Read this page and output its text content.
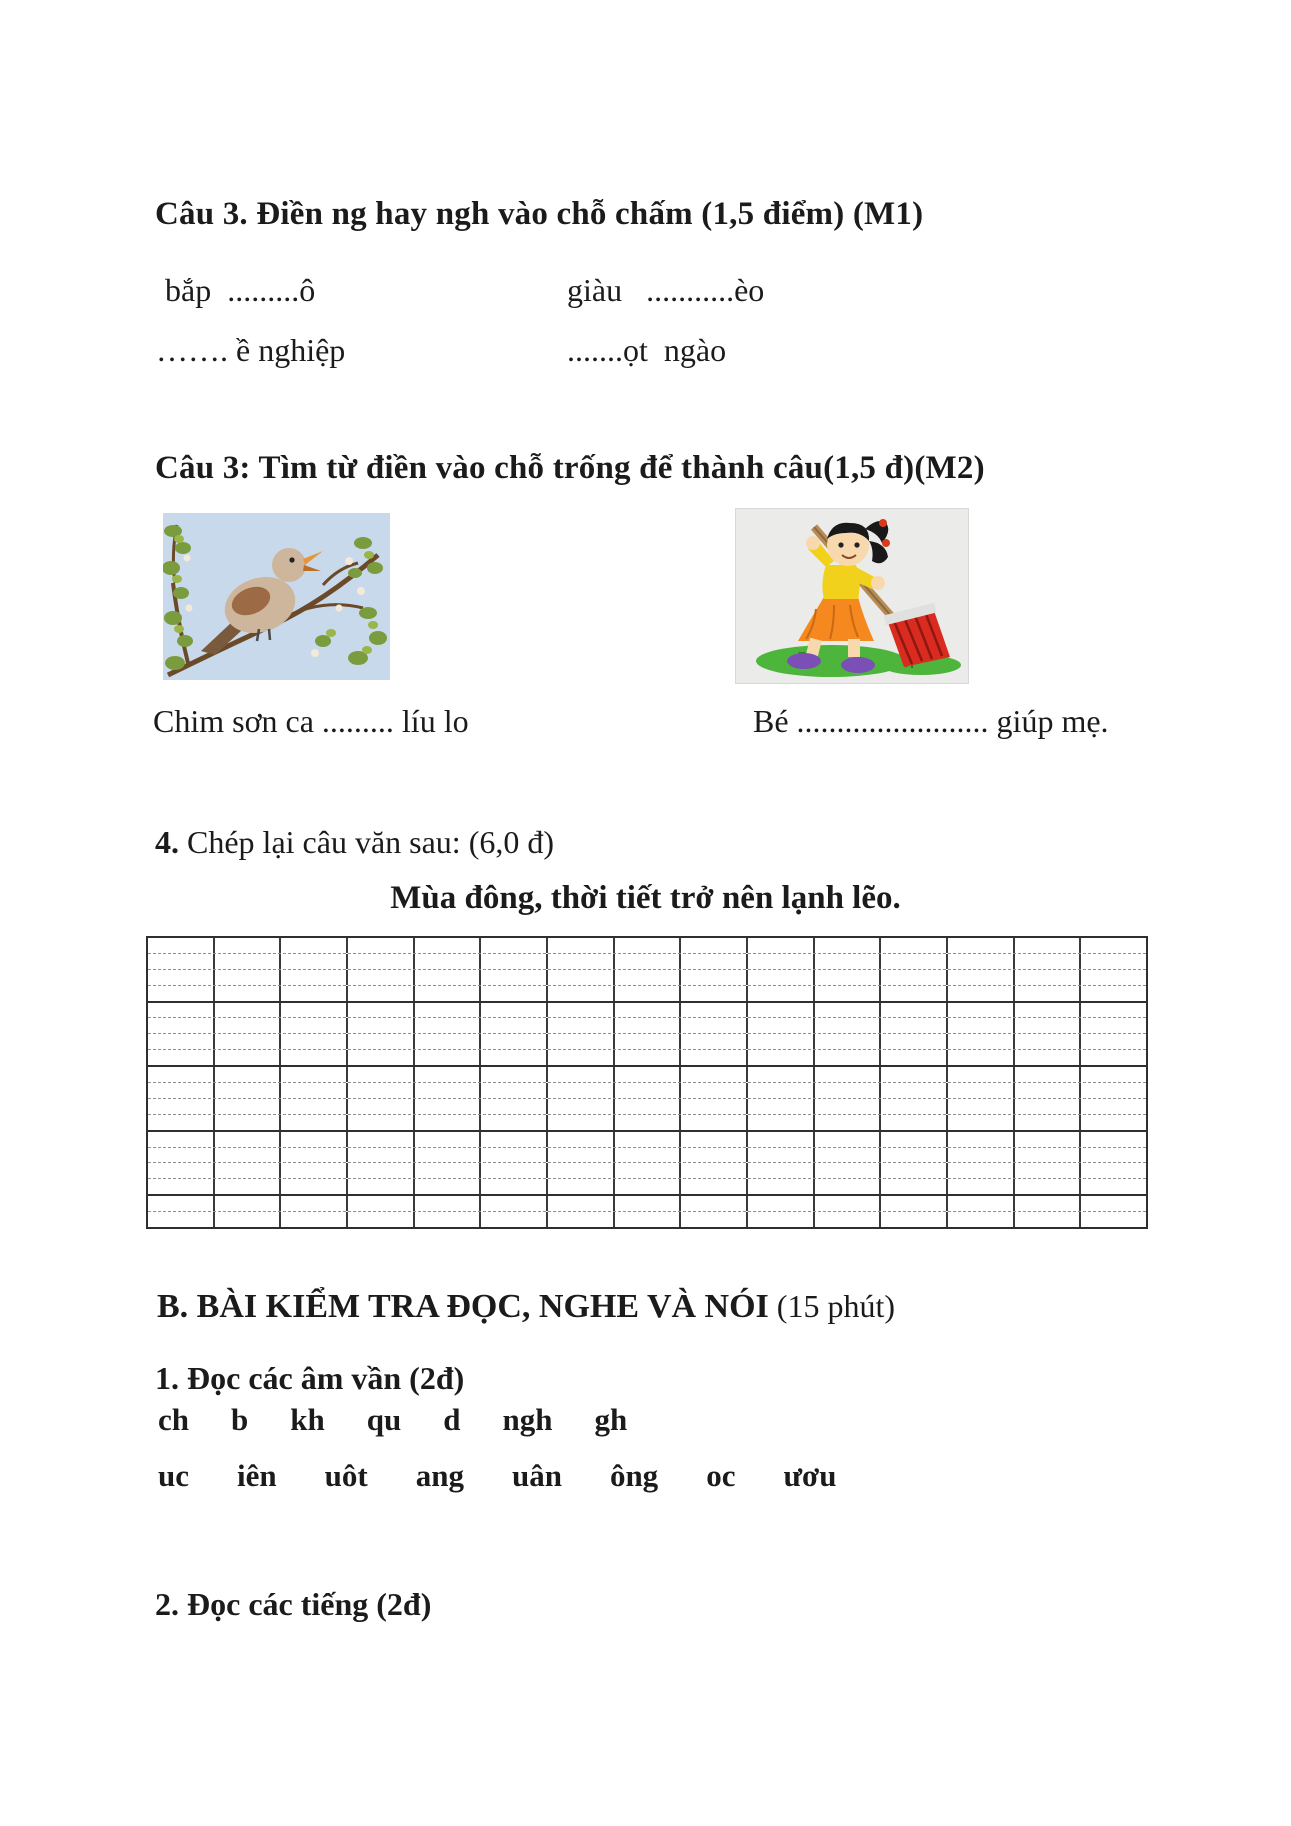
Câu 3. Điền ng hay ngh vào chỗ chấm (1,5 điểm) (M1)
bắp  .........ô	giàu   ...........èo
……. ề nghiệp	.......ọt  ngào
Câu 3: Tìm từ điền vào chỗ trống để thành câu(1,5 đ)(M2)
Chim sơn ca ......... líu lo	Bé ........................ giúp mẹ.
4. Chép lại câu văn sau: (6,0 đ)
Mùa đông, thời tiết trở nên lạnh lẽo.
B. BÀI KIỂM TRA ĐỌC, NGHE VÀ NÓI (15 phút)
1. Đọc các âm vần (2đ)
ch b kh qu d ngh gh
uc iên uôt ang uân ông oc ươu
2. Đọc các tiếng (2đ)
